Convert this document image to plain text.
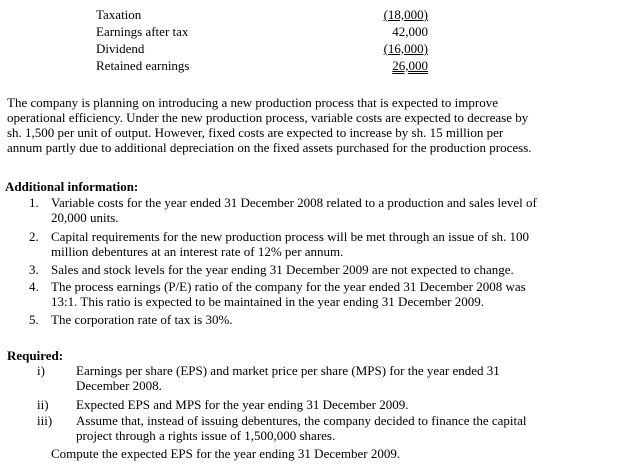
Taxation	(18,000)
Earnings after tax	42,000
Dividend	(16,000)
Retained earnings	26,000
The company is planning on introducing a new production process that is expected to improve
operational efficiency. Under the new production process, variable costs are expected to decrease by
sh. 1,500 per unit of output. However, fixed costs are expected to increase by sh. 15 million per
annum partly due to additional depreciation on the fixed assets purchased for the production process.
Additional information:
1. Variable costs for the year ended 31 December 2008 related to a production and sales level of
20,000 units.
2. Capital requirements for the new production process will be met through an issue of sh. 100
million debentures at an interest rate of 12% per annum.
3. Sales and stock levels for the year ending 31 December 2009 are not expected to change.
4. The process earnings (P/E) ratio of the company for the year ended 31 December 2008 was
13:1. This ratio is expected to be maintained in the year ending 31 December 2009.
5. The corporation rate of tax is 30%.
Required:
i) Earnings per share (EPS) and market price per share (MPS) for the year ended 31
December 2008.
ii) Expected EPS and MPS for the year ending 31 December 2009.
iii) Assume that, instead of issuing debentures, the company decided to finance the capital
project through a rights issue of 1,500,000 shares.
Compute the expected EPS for the year ending 31 December 2009.
